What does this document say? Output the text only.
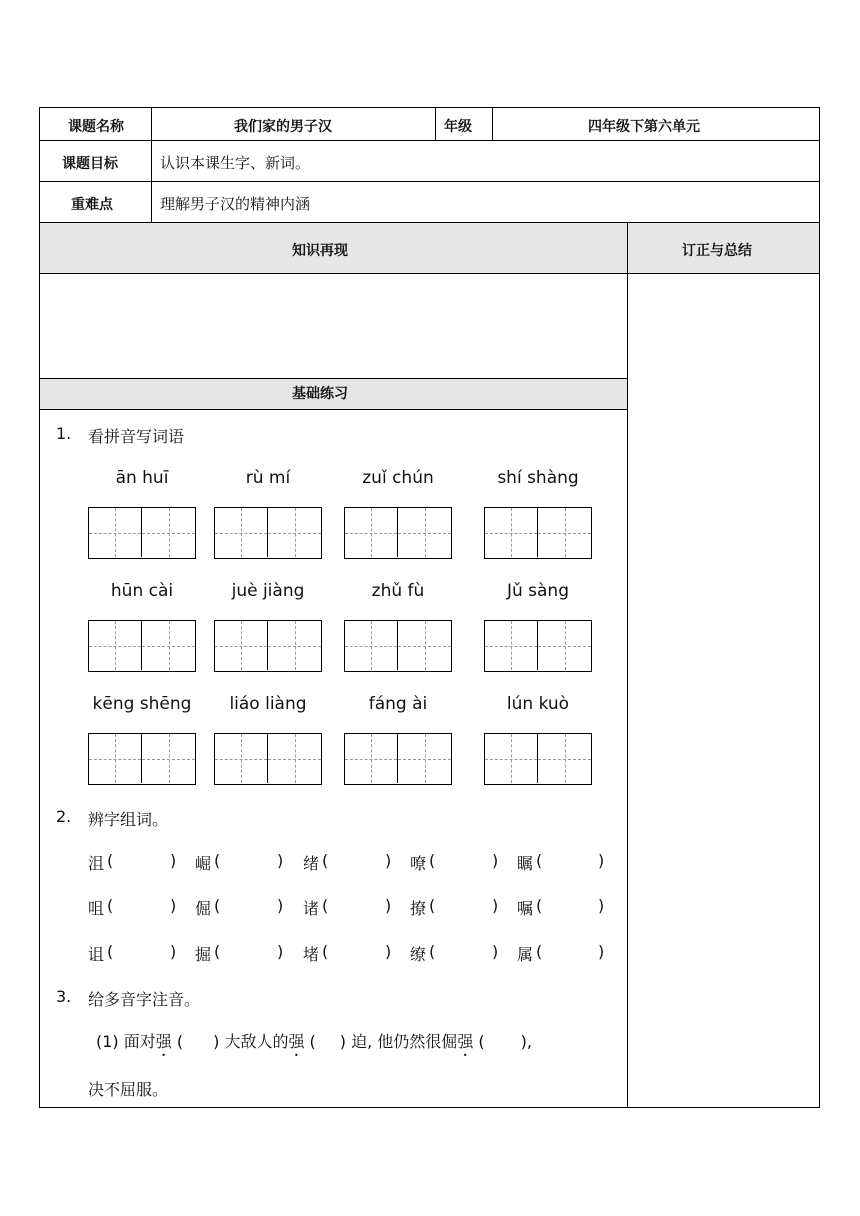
课题名称	我们家的男子汉	年级	四年级下第六单元
课题目标	认识本课生字、新词。
重难点	理解男子汉的精神内涵
知识再现	订正与总结
基础练习
1. 看拼音写词语
ān huī	rù mí	zuǐ chún	shí shàng
hūn cài	juè jiàng	zhǔ fù	Jǔ sàng
kēng shēng	liáo liàng	fáng ài	lún kuò
2. 辨字组词。
沮 (	) 崛 (	) 绪 (	) 嘹 (	) 瞩 (	)
咀 (	) 倔 (	) 诸 (	) 撩 (	) 嘱 (	)
诅 (	) 掘 (	) 堵 (	) 缭 (	) 属 (	)
3. 给多音字注音。
(1) 面对强 ( ) 大敌人的强 ( ) 迫, 他仍然很倔强 ( ),
决不屈服。
